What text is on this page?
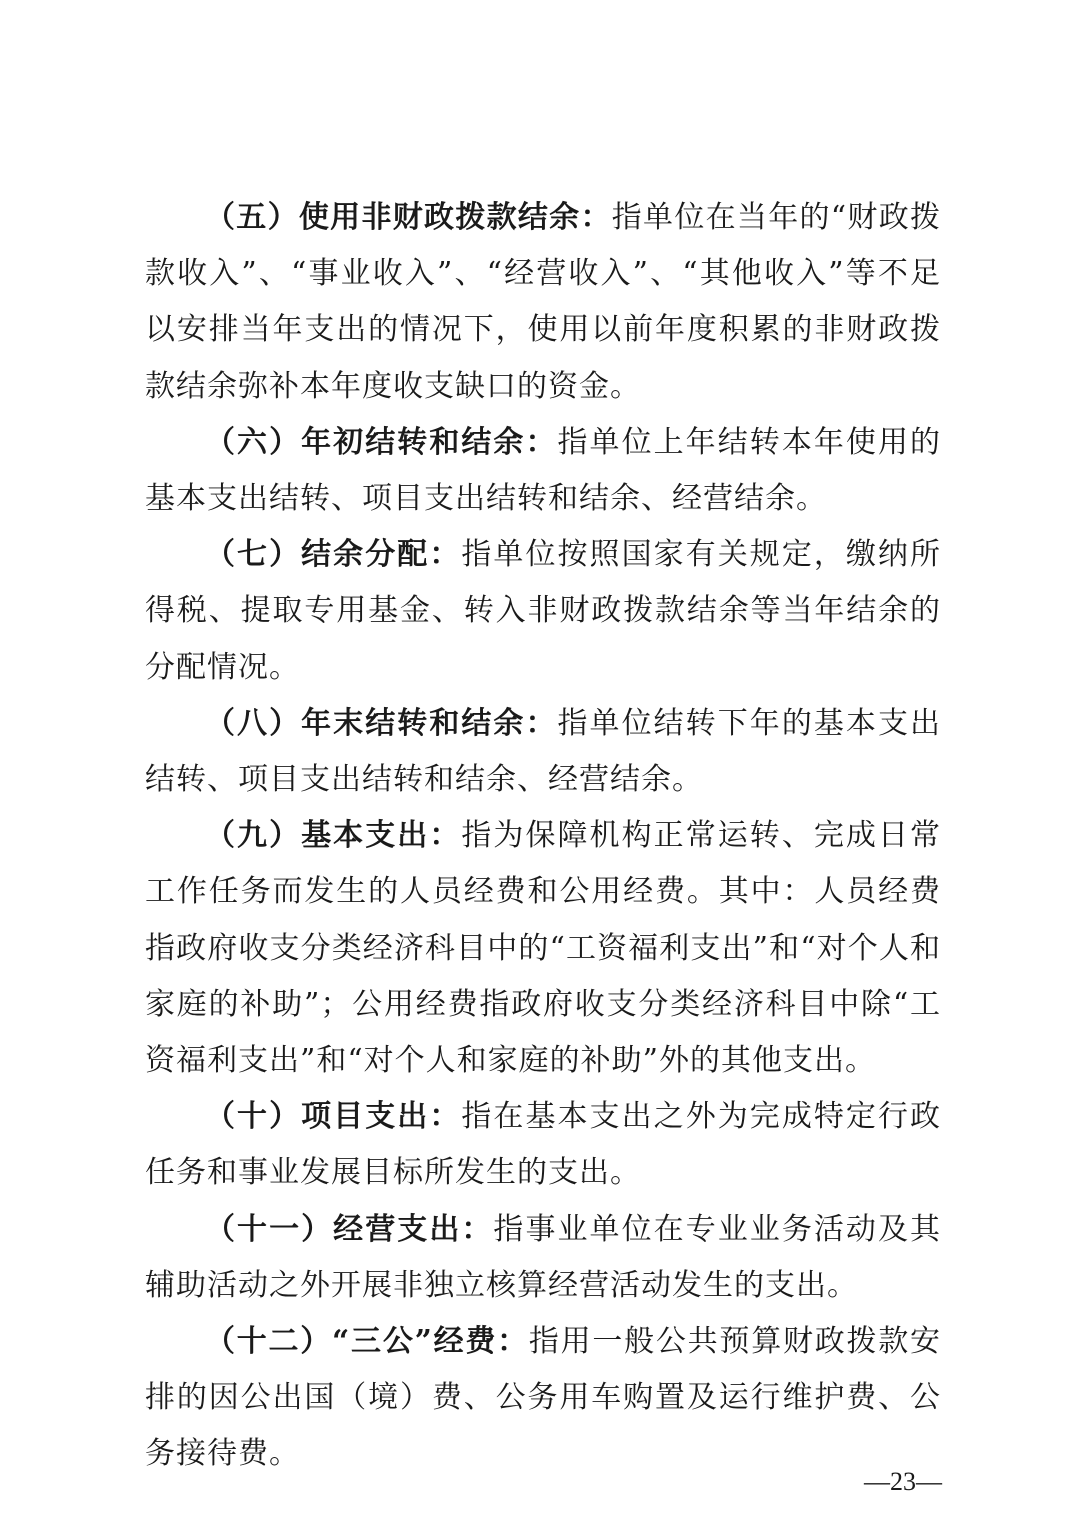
（五）使用非财政拨款结余：指单位在当年的“财政拨款收入”、“事业收入”、“经营收入”、“其他收入”等不足以安排当年支出的情况下，使用以前年度积累的非财政拨款结余弥补本年度收支缺口的资金。

（六）年初结转和结余：指单位上年结转本年使用的基本支出结转、项目支出结转和结余、经营结余。

（七）结余分配：指单位按照国家有关规定，缴纳所得税、提取专用基金、转入非财政拨款结余等当年结余的分配情况。

（八）年末结转和结余：指单位结转下年的基本支出结转、项目支出结转和结余、经营结余。

（九）基本支出：指为保障机构正常运转、完成日常工作任务而发生的人员经费和公用经费。其中：人员经费指政府收支分类经济科目中的“工资福利支出”和“对个人和家庭的补助”；公用经费指政府收支分类经济科目中除“工资福利支出”和“对个人和家庭的补助”外的其他支出。

（十）项目支出：指在基本支出之外为完成特定行政任务和事业发展目标所发生的支出。

（十一）经营支出：指事业单位在专业业务活动及其辅助活动之外开展非独立核算经营活动发生的支出。

（十二）“三公”经费：指用一般公共预算财政拨款安排的因公出国（境）费、公务用车购置及运行维护费、公务接待费。

—23—
